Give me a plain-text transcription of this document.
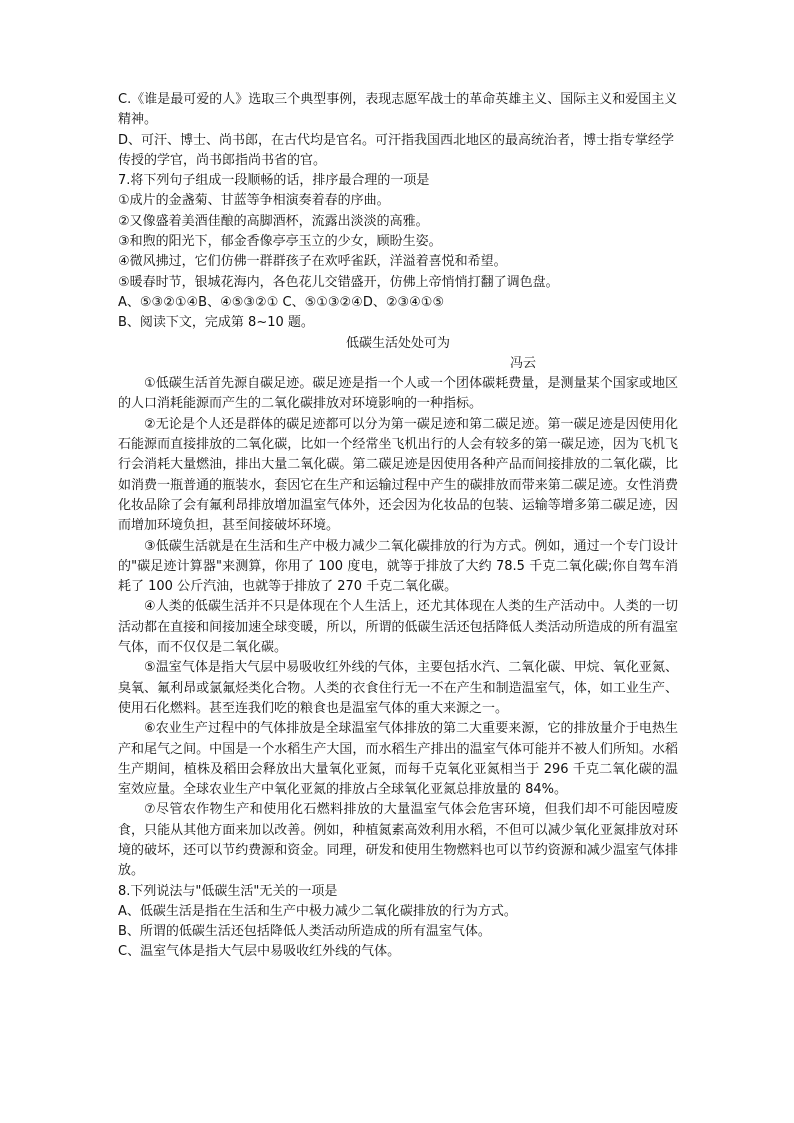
C.《谁是最可爱的人》选取三个典型事例，表现志愿军战士的革命英雄主义、国际主义和爱国主义精神。

D、可汗、博士、尚书郎，在古代均是官名。可汗指我国西北地区的最高统治者，博士指专掌经学传授的学官，尚书郎指尚书省的官。

7.将下列句子组成一段顺畅的话，排序最合理的一项是

①成片的金盏菊、甘蓝等争相演奏着春的序曲。

②又像盛着美酒佳酿的高脚酒杯，流露出淡淡的高雅。

③和煦的阳光下，郁金香像亭亭玉立的少女，顾盼生姿。

④微风拂过，它们仿佛一群群孩子在欢呼雀跃，洋溢着喜悦和希望。

⑤暖春时节，银城花海内，各色花儿交错盛开，仿佛上帝悄悄打翻了调色盘。

A、⑤③②①④B、④⑤③②① C、⑤①③②④D、②③④①⑤

B、阅读下文，完成第 8~10 题。

低碳生活处处可为

冯云

①低碳生活首先源自碳足迹。碳足迹是指一个人或一个团体碳耗费量，是测量某个国家或地区的人口消耗能源而产生的二氧化碳排放对环境影响的一种指标。

②无论是个人还是群体的碳足迹都可以分为第一碳足迹和第二碳足迹。第一碳足迹是因使用化石能源而直接排放的二氧化碳，比如一个经常坐飞机出行的人会有较多的第一碳足迹，因为飞机飞行会消耗大量燃油，排出大量二氧化碳。第二碳足迹是因使用各种产品而间接排放的二氧化碳，比如消费一瓶普通的瓶装水，套因它在生产和运输过程中产生的碳排放而带来第二碳足迹。女性消费化妆品除了会有氟利昂排放增加温室气体外，还会因为化妆品的包装、运输等增多第二碳足迹，因而增加环境负担，甚至间接破坏环境。

③低碳生活就是在生活和生产中极力减少二氧化碳排放的行为方式。例如，通过一个专门设计的"碳足迹计算器"来测算，你用了 100 度电，就等于排放了大约 78.5 千克二氧化碳;你自驾车消耗了 100 公斤汽油，也就等于排放了 270 千克二氧化碳。

④人类的低碳生活并不只是体现在个人生活上，还尤其体现在人类的生产活动中。人类的一切活动都在直接和间接加速全球变暖，所以，所谓的低碳生活还包括降低人类活动所造成的所有温室气体，而不仅仅是二氧化碳。

⑤温室气体是指大气层中易吸收红外线的气体，主要包括水汽、二氧化碳、甲烷、氧化亚氮、臭氧、氟利昂或氯氟烃类化合物。人类的衣食住行无一不在产生和制造温室气，体，如工业生产、使用石化燃料。甚至连我们吃的粮食也是温室气体的重大来源之一。

⑥农业生产过程中的气体排放是全球温室气体排放的第二大重要来源，它的排放量介于电热生产和尾气之间。中国是一个水稻生产大国，而水稻生产排出的温室气体可能并不被人们所知。水稻生产期间，植株及稻田会释放出大量氧化亚氮，而每千克氧化亚氮相当于 296 千克二氧化碳的温室效应量。全球农业生产中氧化亚氮的排放占全球氧化亚氮总排放量的 84%。

⑦尽管农作物生产和使用化石燃料排放的大量温室气体会危害环境，但我们却不可能因噎废食，只能从其他方面来加以改善。例如，种植氮素高效利用水稻，不但可以减少氧化亚氮排放对环境的破坏，还可以节约费源和资金。同理，研发和使用生物燃料也可以节约资源和减少温室气体排放。

8.下列说法与"低碳生活"无关的一项是

A、低碳生活是指在生活和生产中极力减少二氧化碳排放的行为方式。

B、所谓的低碳生活还包括降低人类活动所造成的所有温室气体。

C、温室气体是指大气层中易吸收红外线的气体。
